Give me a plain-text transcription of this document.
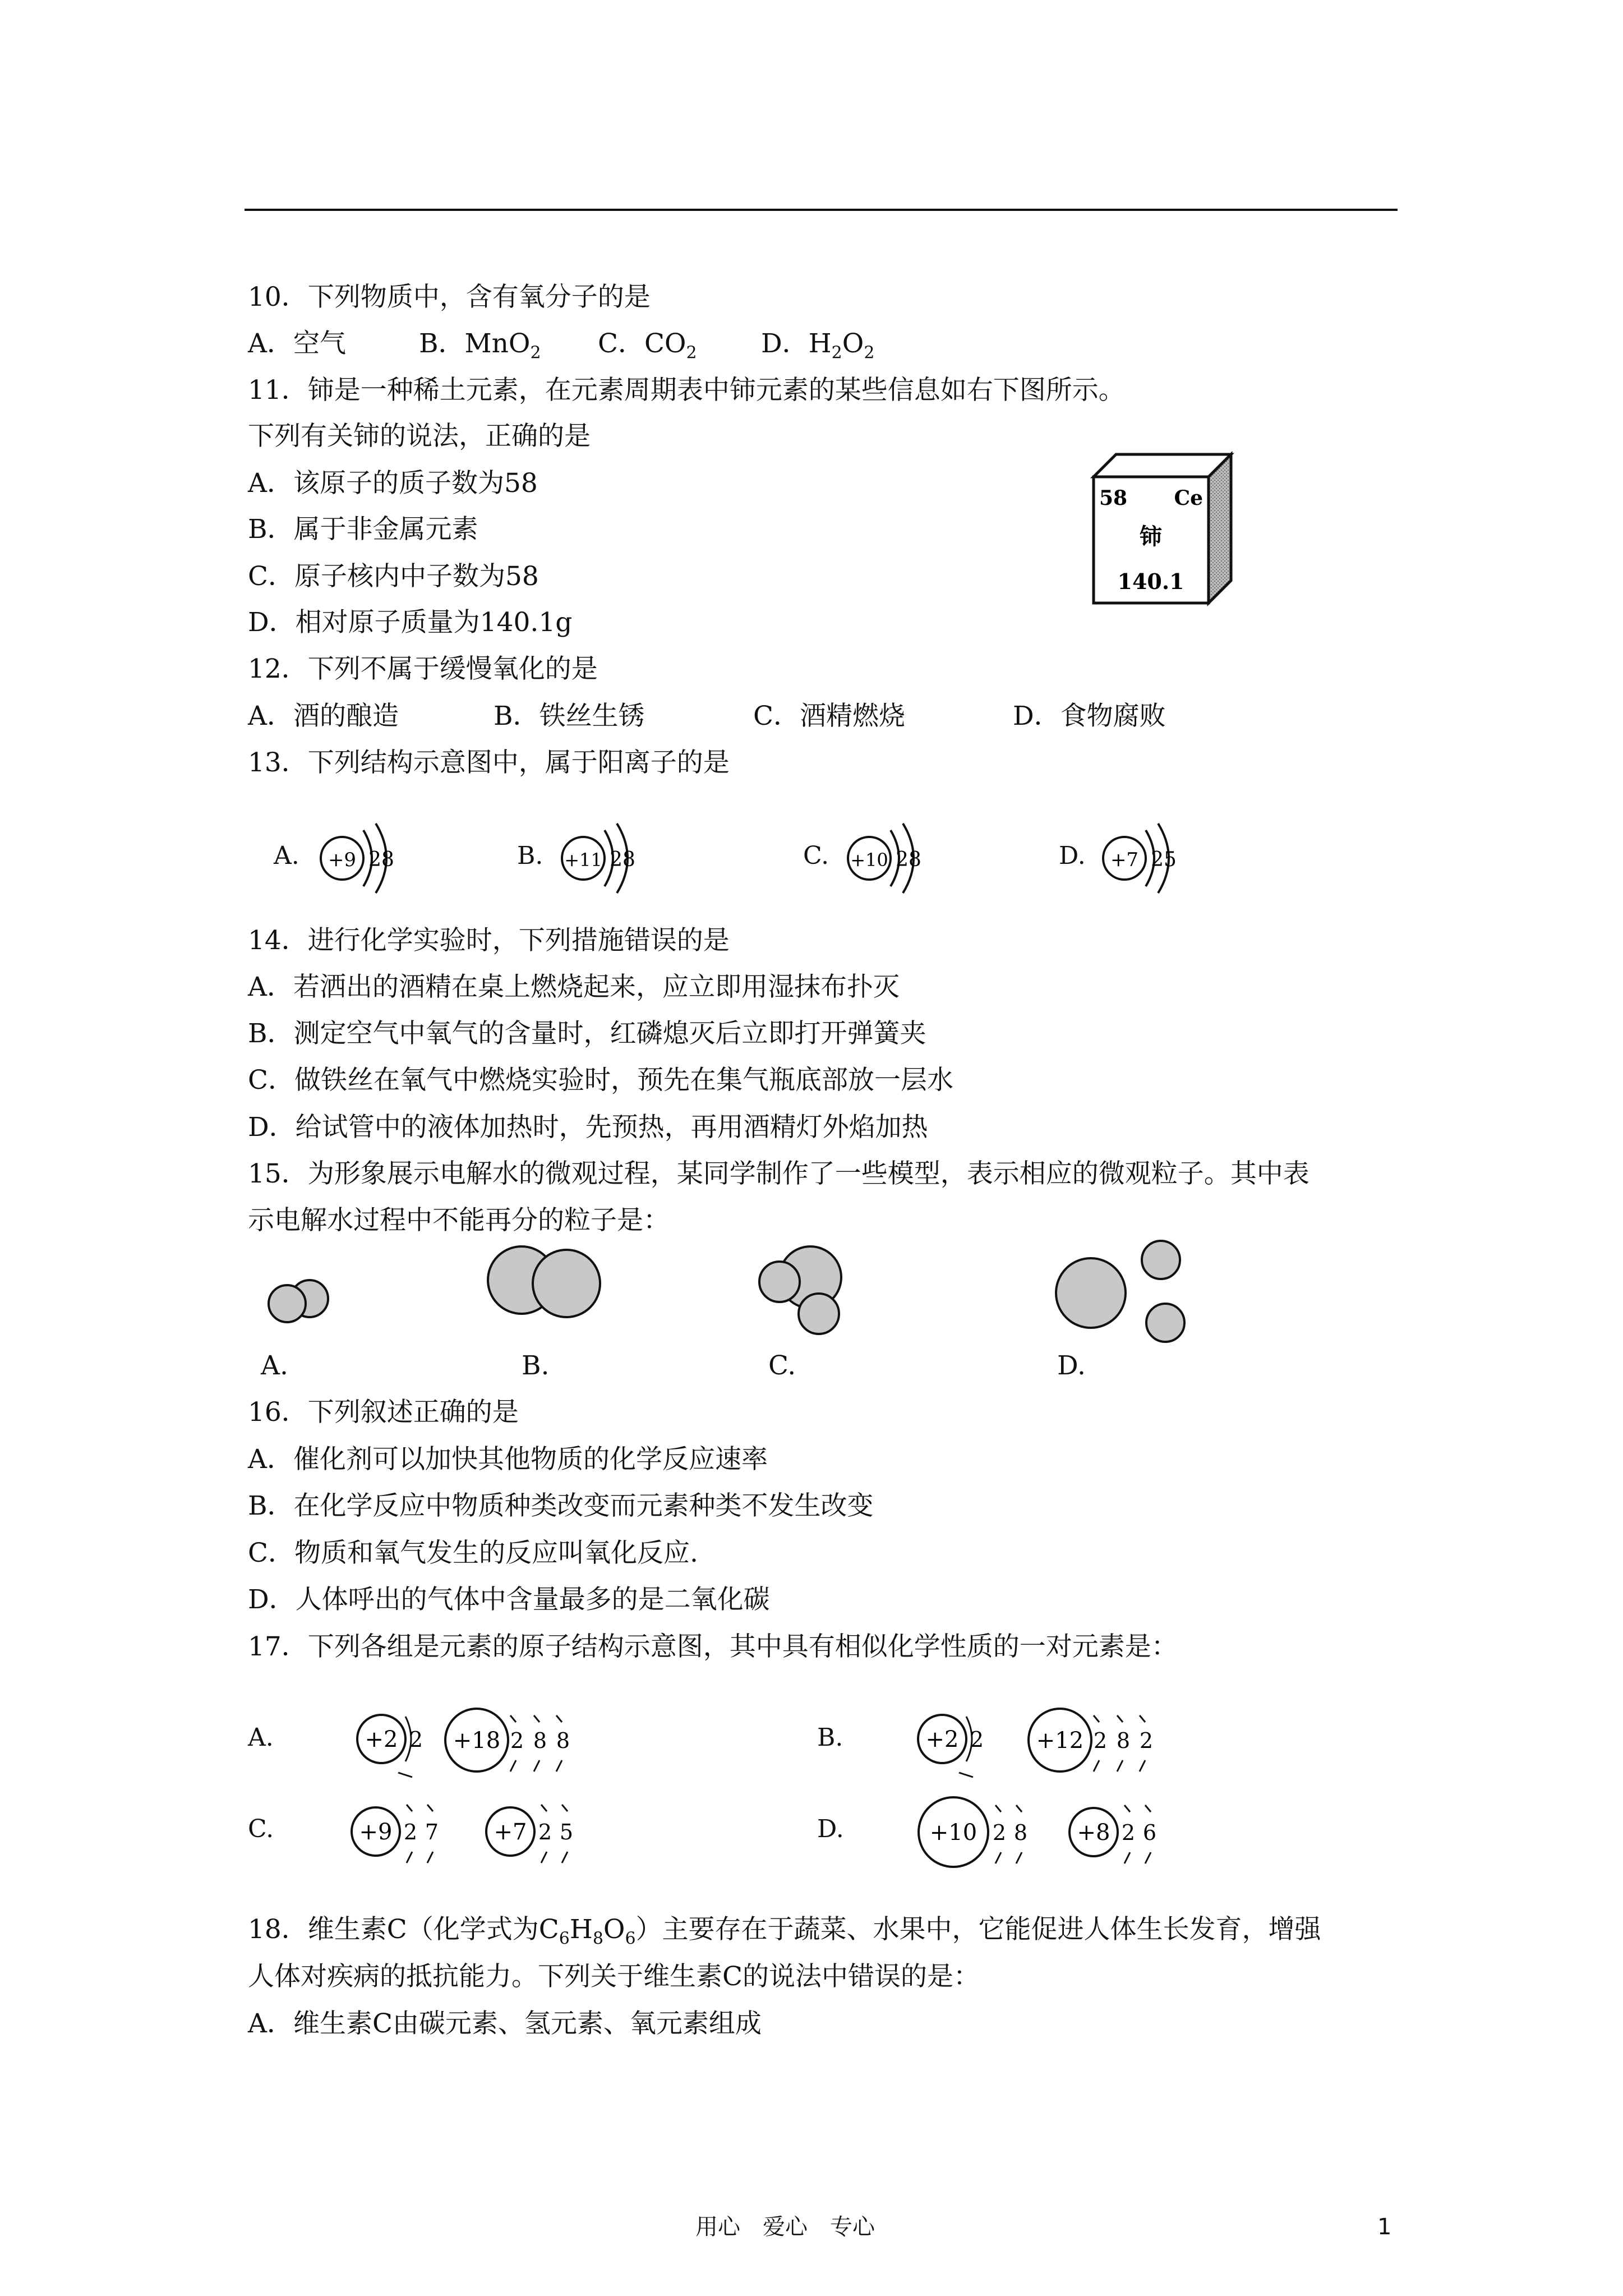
10．下列物质中，含有氧分子的是
A．空气	B．MnO$_2$ C．$CO_2$ D．$H_2O_2$
11．铈是一种稀土元素，在元素周期表中铈元素的某些信息如右下图所示。
下列有关铈的说法，正确的是
A．该原子的质子数为58
B．属于非金属元素
C．原子核内中子数为58
D．相对原子质量为140.1g
58 Ce
铈
140.1
12．下列不属于缓慢氧化的是
A．酒的酿造	B．铁丝生锈	C．酒精燃烧	D．食物腐败
13．下列结构示意图中，属于阳离子的是
A. +9 28	B. +11 28	C. +10 28	D. +7 25
14．进行化学实验时，下列措施错误的是
A．若洒出的酒精在桌上燃烧起来，应立即用湿抹布扑灭
B．测定空气中氧气的含量时，红磷熄灭后立即打开弹簧夹
C．做铁丝在氧气中燃烧实验时，预先在集气瓶底部放一层水
D．给试管中的液体加热时，先预热，再用酒精灯外焰加热
15．为形象展示电解水的微观过程，某同学制作了一些模型，表示相应的微观粒子。其中表
示电解水过程中不能再分的粒子是：
A.	B.	C.	D.
16．下列叙述正确的是
A．催化剂可以加快其他物质的化学反应速率
B．在化学反应中物质种类改变而元素种类不发生改变
C．物质和氧气发生的反应叫氧化反应.
D．人体呼出的气体中含量最多的是二氧化碳
17．下列各组是元素的原子结构示意图，其中具有相似化学性质的一对元素是：
A.	+2 2 +18 2 8 8	B.	+2 2 +12 2 8 2
C.	+9 2 7 +7 2 5	D.	+10 2 8 +8 2 6
18．维生素C（化学式为$C_6H_8O_6$）主要存在于蔬菜、水果中，它能促进人体生长发育，增强
人体对疾病的抵抗能力。下列关于维生素C的说法中错误的是：
A．维生素C由碳元素、氢元素、氧元素组成
用心　爱心　专心	1
